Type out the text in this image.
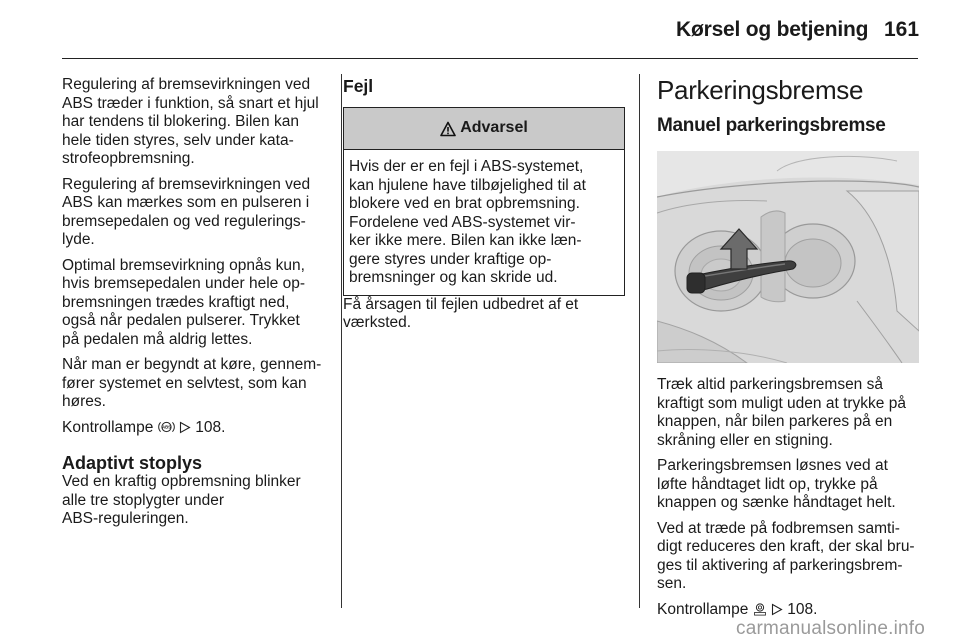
Kørsel og betjening 161

Regulering af bremsevirkningen ved
ABS træder i funktion, så snart et hjul
har tendens til blokering. Bilen kan
hele tiden styres, selv under kata-
strofeopbremsning.

Regulering af bremsevirkningen ved
ABS kan mærkes som en pulseren i
bremsepedalen og ved regulerings-
lyde.

Optimal bremsevirkning opnås kun,
hvis bremsepedalen under hele op-
bremsningen trædes kraftigt ned,
også når pedalen pulserer. Trykket
på pedalen må aldrig lettes.

Når man er begyndt at køre, gennem-
fører systemet en selvtest, som kan
høres.

Kontrollampe ABS 108.

Adaptivt stoplys

Ved en kraftig opbremsning blinker
alle tre stoplygter under
ABS-reguleringen.

Fejl
Advarsel
Hvis der er en fejl i ABS-systemet,
kan hjulene have tilbøjelighed til at
blokere ved en brat opbremsning.
Fordelene ved ABS-systemet vir-
ker ikke mere. Bilen kan ikke læn-
gere styres under kraftige op-
bremsninger og kan skride ud.

Få årsagen til fejlen udbedret af et
værksted.

Parkeringsbremse
Manuel parkeringsbremse

Træk altid parkeringsbremsen så
kraftigt som muligt uden at trykke på
knappen, når bilen parkeres på en
skråning eller en stigning.

Parkeringsbremsen løsnes ved at
løfte håndtaget lidt op, trykke på
knappen og sænke håndtaget helt.

Ved at træde på fodbremsen samti-
digt reduceres den kraft, der skal bru-
ges til aktivering af parkeringsbrem-
sen.

Kontrollampe	108.

carmanualsonline.info
